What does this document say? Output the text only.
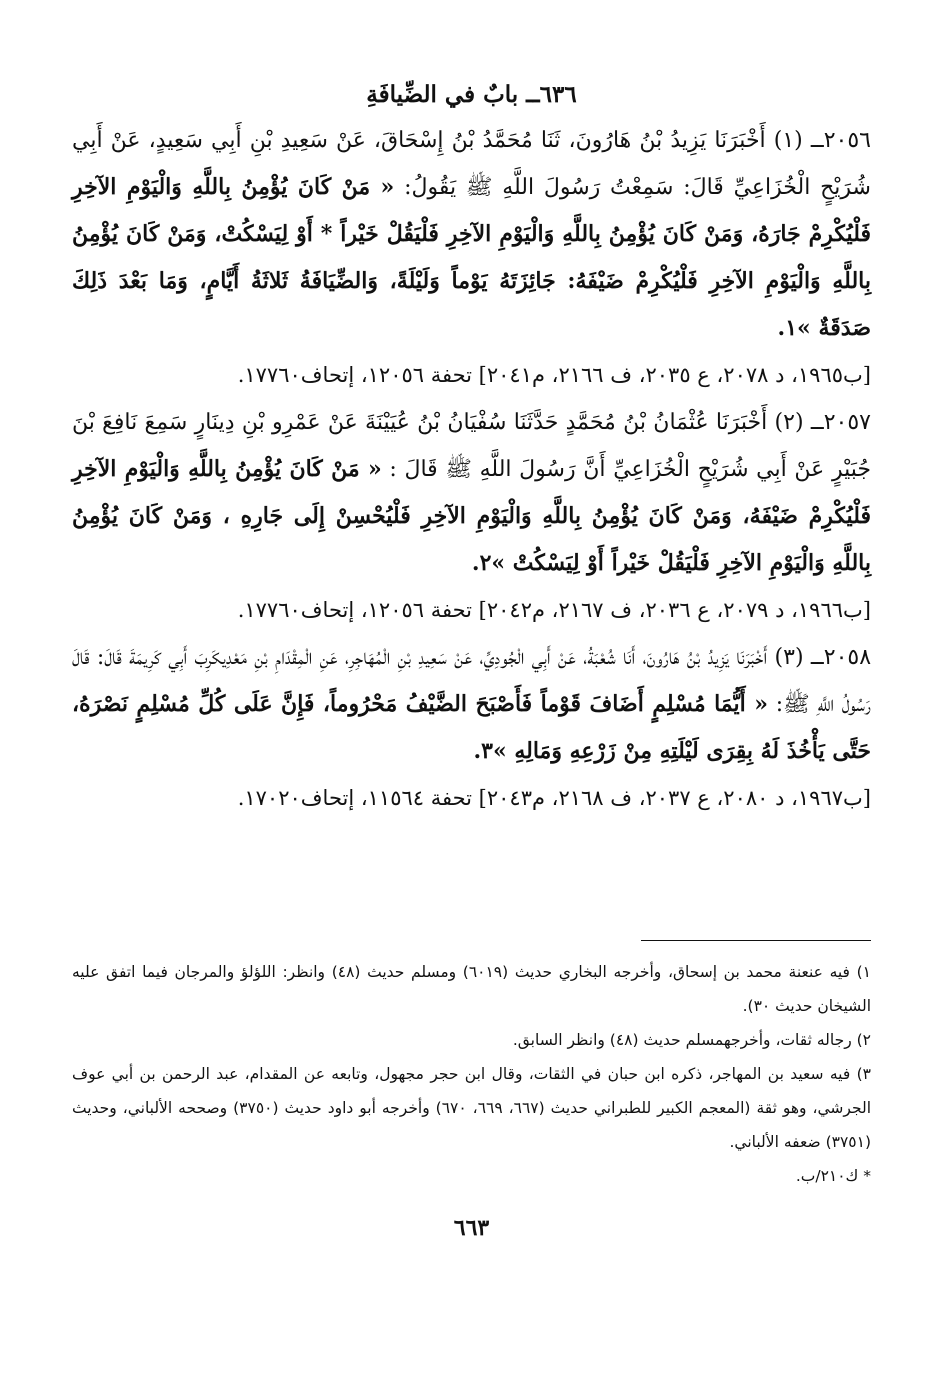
٦٣٦ــ بابٌ في الضِّيافَةِ

٢٠٥٦ــ (١) أَخْبَرَنَا يَزِيدُ بْنُ هَارُونَ، ثَنَا مُحَمَّدُ بْنُ إِسْحَاقَ، عَنْ سَعِيدِ بْنِ أَبِي سَعِيدٍ، عَنْ أَبِي شُرَيْحٍ الْخُزَاعِيِّ قَالَ: سَمِعْتُ رَسُولَ اللَّهِ ﷺ يَقُولُ: « مَنْ كَانَ يُؤْمِنُ بِاللَّهِ وَالْيَوْمِ الآخِرِ فَلْيُكْرِمْ جَارَهُ، وَمَنْ كَانَ يُؤْمِنُ بِاللَّهِ وَالْيَوْمِ الآخِرِ فَلْيَقُلْ خَيْراً * أَوْ لِيَسْكُتْ، وَمَنْ كَانَ يُؤْمِنُ بِاللَّهِ وَالْيَوْمِ الآخِرِ فَلْيُكْرِمْ ضَيْفَهُ: جَائِزَتَهُ يَوْماً وَلَيْلَةً، وَالضِّيَافَةُ ثَلاثَةُ أَيَّامٍ، وَمَا بَعْدَ ذَلِكَ صَدَقَةٌ »١.

[ب١٩٦٥، د ٢٠٧٨، ع ٢٠٣٥، ف ٢١٦٦، م٢٠٤١] تحفة ١٢٠٥٦، إتحاف١٧٧٦٠.

٢٠٥٧ــ (٢) أَخْبَرَنَا عُثْمَانُ بْنُ مُحَمَّدٍ حَدَّثَنَا سُفْيَانُ بْنُ عُيَيْنَةَ عَنْ عَمْرِو بْنِ دِينَارٍ سَمِعَ نَافِعَ بْنَ جُبَيْرٍ عَنْ أَبِي شُرَيْحٍ الْخُزَاعِيِّ أَنَّ رَسُولَ اللَّهِ ﷺ قَالَ : « مَنْ كَانَ يُؤْمِنُ بِاللَّهِ وَالْيَوْمِ الآخِرِ فَلْيُكْرِمْ ضَيْفَهُ، وَمَنْ كَانَ يُؤْمِنُ بِاللَّهِ وَالْيَوْمِ الآخِرِ فَلْيُحْسِنْ إِلَى جَارِهِ ، وَمَنْ كَانَ يُؤْمِنُ بِاللَّهِ وَالْيَوْمِ الآخِرِ فَلْيَقُلْ خَيْراً أَوْ لِيَسْكُتْ »٢.

[ب١٩٦٦، د ٢٠٧٩، ع ٢٠٣٦، ف ٢١٦٧، م٢٠٤٢] تحفة ١٢٠٥٦، إتحاف١٧٧٦٠.

٢٠٥٨ــ (٣) أَخْبَرَنَا يَزِيدُ بْنُ هَارُونَ، أَنَا شُعْبَةُ، عَنْ أَبِي الْجُودِيِّ، عَنْ سَعِيدِ بْنِ الْمُهَاجِرِ، عَنِ الْمِقْدَامِ بْنِ مَعْدِيكَرِبَ أَبِي كَرِيمَةَ قَالَ: قَالَ رَسُولُ اللَّهِ ﷺ: « أَيُّمَا مُسْلِمٍ أَضَافَ قَوْماً فَأَصْبَحَ الضَّيْفُ مَحْرُوماً، فَإِنَّ عَلَى كُلِّ مُسْلِمٍ نَصْرَهُ، حَتَّى يَأْخُذَ لَهُ بِقِرَى لَيْلَتِهِ مِنْ زَرْعِهِ وَمَالِهِ »٣.

[ب١٩٦٧، د ٢٠٨٠، ع ٢٠٣٧، ف ٢١٦٨، م٢٠٤٣] تحفة ١١٥٦٤، إتحاف١٧٠٢٠.

١) فيه عنعنة محمد بن إسحاق، وأخرجه البخاري حديث (٦٠١٩) ومسلم حديث (٤٨) وانظر: اللؤلؤ والمرجان فيما اتفق عليه الشيخان حديث ٣٠).

٢) رجاله ثقات، وأخرجهمسلم حديث (٤٨) وانظر السابق.

٣) فيه سعيد بن المهاجر، ذكره ابن حبان في الثقات، وقال ابن حجر مجهول، وتابعه عن المقدام، عبد الرحمن بن أبي عوف الجرشي، وهو ثقة (المعجم الكبير للطبراني حديث (٦٦٧، ٦٦٩، ٦٧٠) وأخرجه أبو داود حديث (٣٧٥٠) وصححه الألباني، وحديث (٣٧٥١) ضعفه الألباني.

* ك٢١٠/ب.

٦٦٣
